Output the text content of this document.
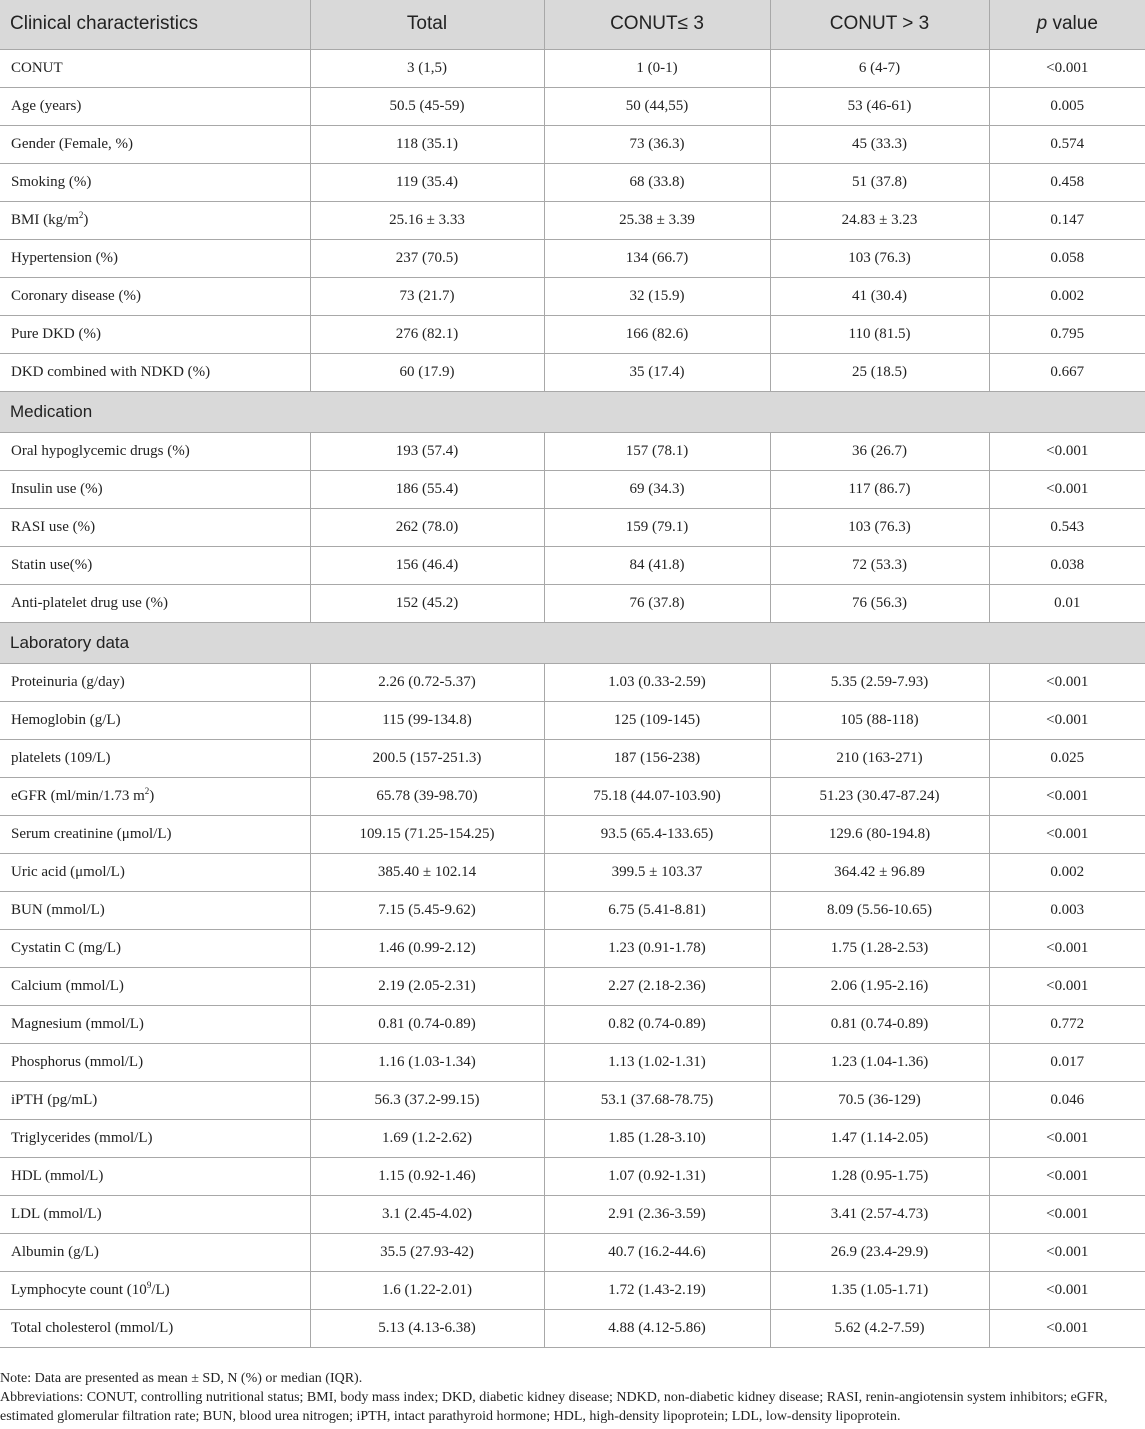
Clinical characteristics	Total	CONUT≤ 3	CONUT > 3	p value
CONUT	3 (1,5)	1 (0-1)	6 (4-7)	<0.001
Age (years)	50.5 (45-59)	50 (44,55)	53 (46-61)	0.005
Gender (Female, %)	118 (35.1)	73 (36.3)	45 (33.3)	0.574
Smoking (%)	119 (35.4)	68 (33.8)	51 (37.8)	0.458
BMI $(kg/m^2)$	25.16 ± 3.33	25.38 ± 3.39	24.83 ± 3.23	0.147
Hypertension (%)	237 (70.5)	134 (66.7)	103 (76.3)	0.058
Coronary disease (%)	73 (21.7)	32 (15.9)	41 (30.4)	0.002
Pure DKD (%)	276 (82.1)	166 (82.6)	110 (81.5)	0.795
DKD combined with NDKD (%)	60 (17.9)	35 (17.4)	25 (18.5)	0.667
Medication				
Oral hypoglycemic drugs (%)	193 (57.4)	157 (78.1)	36 (26.7)	<0.001
Insulin use (%)	186 (55.4)	69 (34.3)	117 (86.7)	<0.001
RASI use (%)	262 (78.0)	159 (79.1)	103 (76.3)	0.543
Statin use(%)	156 (46.4)	84 (41.8)	72 (53.3)	0.038
Anti-platelet drug use (%)	152 (45.2)	76 (37.8)	76 (56.3)	0.01
Laboratory data				
Proteinuria (g/day)	2.26 (0.72-5.37)	1.03 (0.33-2.59)	5.35 (2.59-7.93)	<0.001
Hemoglobin (g/L)	115 (99-134.8)	125 (109-145)	105 (88-118)	<0.001
platelets (109/L)	200.5 (157-251.3)	187 (156-238)	210 (163-271)	0.025
eGFR (ml/min/1.73 $m^2$)	65.78 (39-98.70)	75.18 (44.07-103.90)	51.23 (30.47-87.24)	<0.001
Serum creatinine (μmol/L)	109.15 (71.25-154.25)	93.5 (65.4-133.65)	129.6 (80-194.8)	<0.001
Uric acid (μmol/L)	385.40 ± 102.14	399.5 ± 103.37	364.42 ± 96.89	0.002
BUN (mmol/L)	7.15 (5.45-9.62)	6.75 (5.41-8.81)	8.09 (5.56-10.65)	0.003
Cystatin C (mg/L)	1.46 (0.99-2.12)	1.23 (0.91-1.78)	1.75 (1.28-2.53)	<0.001
Calcium (mmol/L)	2.19 (2.05-2.31)	2.27 (2.18-2.36)	2.06 (1.95-2.16)	<0.001
Magnesium (mmol/L)	0.81 (0.74-0.89)	0.82 (0.74-0.89)	0.81 (0.74-0.89)	0.772
Phosphorus (mmol/L)	1.16 (1.03-1.34)	1.13 (1.02-1.31)	1.23 (1.04-1.36)	0.017
iPTH (pg/mL)	56.3 (37.2-99.15)	53.1 (37.68-78.75)	70.5 (36-129)	0.046
Triglycerides (mmol/L)	1.69 (1.2-2.62)	1.85 (1.28-3.10)	1.47 (1.14-2.05)	<0.001
HDL (mmol/L)	1.15 (0.92-1.46)	1.07 (0.92-1.31)	1.28 (0.95-1.75)	<0.001
LDL (mmol/L)	3.1 (2.45-4.02)	2.91 (2.36-3.59)	3.41 (2.57-4.73)	<0.001
Albumin (g/L)	35.5 (27.93-42)	40.7 (16.2-44.6)	26.9 (23.4-29.9)	<0.001
Lymphocyte count $(10^9/L)$	1.6 (1.22-2.01)	1.72 (1.43-2.19)	1.35 (1.05-1.71)	<0.001
Total cholesterol (mmol/L)	5.13 (4.13-6.38)	4.88 (4.12-5.86)	5.62 (4.2-7.59)	<0.001

Note: Data are presented as mean ± SD, N (%) or median (IQR).

Abbreviations: CONUT, controlling nutritional status; BMI, body mass index; DKD, diabetic kidney disease; NDKD, non-diabetic kidney disease; RASI, renin-angiotensin system inhibitors; eGFR, estimated glomerular filtration rate; BUN, blood urea nitrogen; iPTH, intact parathyroid hormone; HDL, high-density lipoprotein; LDL, low-density lipoprotein.
